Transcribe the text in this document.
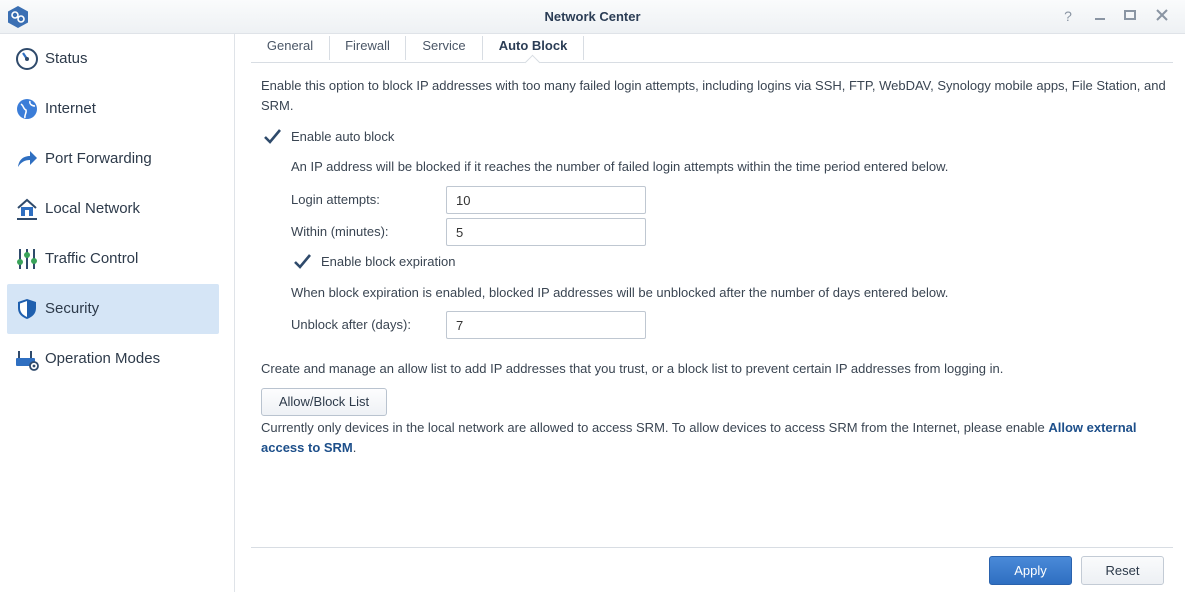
Network Center	?
Status
Internet
Port Forwarding
Local Network
Traffic Control
Security
Operation Modes
General	Firewall	Service	Auto Block
Enable this option to block IP addresses with too many failed login attempts, including logins via SSH, FTP, WebDAV, Synology mobile apps, File Station, and SRM.
Enable auto block
An IP address will be blocked if it reaches the number of failed login attempts within the time period entered below.
Login attempts:	10
Within (minutes):	5
Enable block expiration
When block expiration is enabled, blocked IP addresses will be unblocked after the number of days entered below.
Unblock after (days):	7
Create and manage an allow list to add IP addresses that you trust, or a block list to prevent certain IP addresses from logging in.
Allow/Block List
Currently only devices in the local network are allowed to access SRM. To allow devices to access SRM from the Internet, please enable Allow external access to SRM.
Apply	Reset
